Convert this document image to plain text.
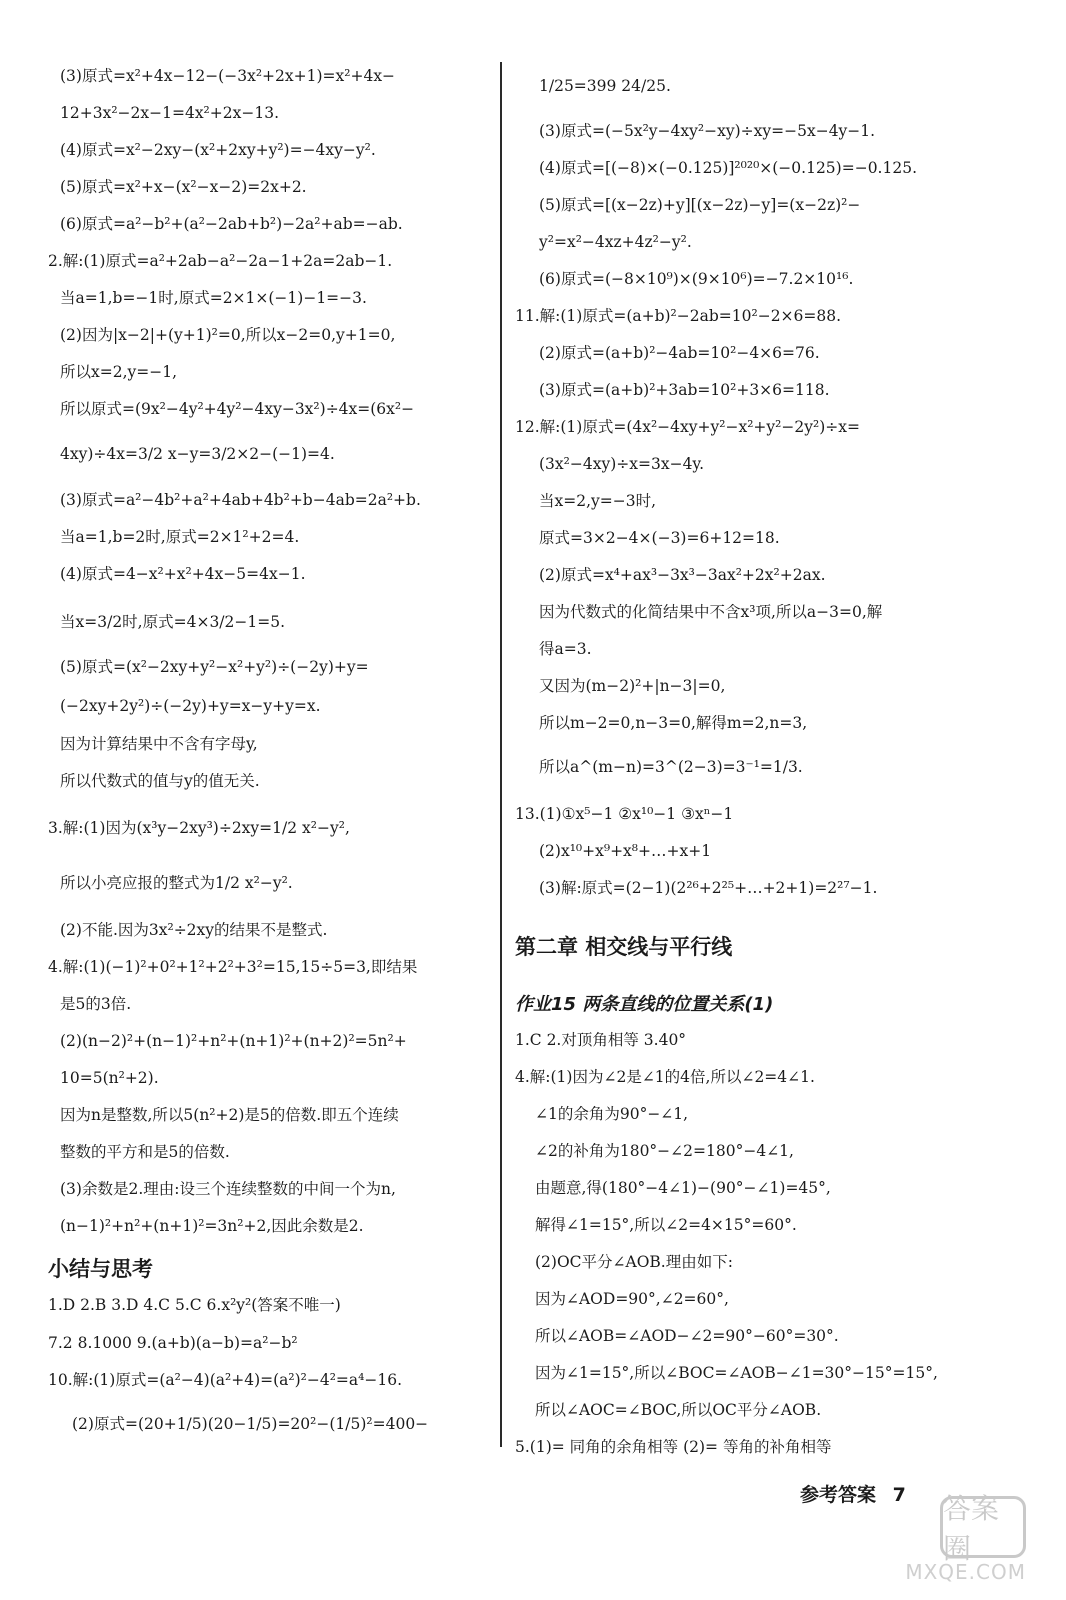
(3)原式=x²+4x−12−(−3x²+2x+1)=x²+4x−
12+3x²−2x−1=4x²+2x−13.
(4)原式=x²−2xy−(x²+2xy+y²)=−4xy−y².
(5)原式=x²+x−(x²−x−2)=2x+2.
(6)原式=a²−b²+(a²−2ab+b²)−2a²+ab=−ab.
2.解:(1)原式=a²+2ab−a²−2a−1+2a=2ab−1.
当a=1,b=−1时,原式=2×1×(−1)−1=−3.
(2)因为|x−2|+(y+1)²=0,所以x−2=0,y+1=0,
所以x=2,y=−1,
所以原式=(9x²−4y²+4y²−4xy−3x²)÷4x=(6x²−
4xy)÷4x=3/2 x−y=3/2×2−(−1)=4.
(3)原式=a²−4b²+a²+4ab+4b²+b−4ab=2a²+b.
当a=1,b=2时,原式=2×1²+2=4.
(4)原式=4−x²+x²+4x−5=4x−1.
当x=3/2时,原式=4×3/2−1=5.
(5)原式=(x²−2xy+y²−x²+y²)÷(−2y)+y=
(−2xy+2y²)÷(−2y)+y=x−y+y=x.
因为计算结果中不含有字母y,
所以代数式的值与y的值无关.
3.解:(1)因为(x³y−2xy³)÷2xy=1/2 x²−y²,
所以小亮应报的整式为1/2 x²−y².
(2)不能.因为3x²÷2xy的结果不是整式.
4.解:(1)(−1)²+0²+1²+2²+3²=15,15÷5=3,即结果
是5的3倍.
(2)(n−2)²+(n−1)²+n²+(n+1)²+(n+2)²=5n²+
10=5(n²+2).
因为n是整数,所以5(n²+2)是5的倍数.即五个连续
整数的平方和是5的倍数.
(3)余数是2.理由:设三个连续整数的中间一个为n,
(n−1)²+n²+(n+1)²=3n²+2,因此余数是2.
小结与思考
1.D 2.B 3.D 4.C 5.C 6.x²y²(答案不唯一)
7.2 8.1000 9.(a+b)(a−b)=a²−b²
10.解:(1)原式=(a²−4)(a²+4)=(a²)²−4²=a⁴−16.
(2)原式=(20+1/5)(20−1/5)=20²−(1/5)²=400−
1/25=399 24/25.
(3)原式=(−5x²y−4xy²−xy)÷xy=−5x−4y−1.
(4)原式=[(−8)×(−0.125)]²⁰²⁰×(−0.125)=−0.125.
(5)原式=[(x−2z)+y][(x−2z)−y]=(x−2z)²−
y²=x²−4xz+4z²−y².
(6)原式=(−8×10⁹)×(9×10⁶)=−7.2×10¹⁶.
11.解:(1)原式=(a+b)²−2ab=10²−2×6=88.
(2)原式=(a+b)²−4ab=10²−4×6=76.
(3)原式=(a+b)²+3ab=10²+3×6=118.
12.解:(1)原式=(4x²−4xy+y²−x²+y²−2y²)÷x=
(3x²−4xy)÷x=3x−4y.
当x=2,y=−3时,
原式=3×2−4×(−3)=6+12=18.
(2)原式=x⁴+ax³−3x³−3ax²+2x²+2ax.
因为代数式的化简结果中不含x³项,所以a−3=0,解
得a=3.
又因为(m−2)²+|n−3|=0,
所以m−2=0,n−3=0,解得m=2,n=3,
所以a^(m−n)=3^(2−3)=3⁻¹=1/3.
13.(1)①x⁵−1 ②x¹⁰−1 ③xⁿ−1
(2)x¹⁰+x⁹+x⁸+…+x+1
(3)解:原式=(2−1)(2²⁶+2²⁵+…+2+1)=2²⁷−1.
第二章 相交线与平行线
作业15 两条直线的位置关系(1)
1.C 2.对顶角相等 3.40°
4.解:(1)因为∠2是∠1的4倍,所以∠2=4∠1.
∠1的余角为90°−∠1,
∠2的补角为180°−∠2=180°−4∠1,
由题意,得(180°−4∠1)−(90°−∠1)=45°,
解得∠1=15°,所以∠2=4×15°=60°.
(2)OC平分∠AOB.理由如下:
因为∠AOD=90°,∠2=60°,
所以∠AOB=∠AOD−∠2=90°−60°=30°.
因为∠1=15°,所以∠BOC=∠AOB−∠1=30°−15°=15°,
所以∠AOC=∠BOC,所以OC平分∠AOB.
5.(1)= 同角的余角相等 (2)= 等角的补角相等
参考答案 7 答案圈
MXQE.COM
